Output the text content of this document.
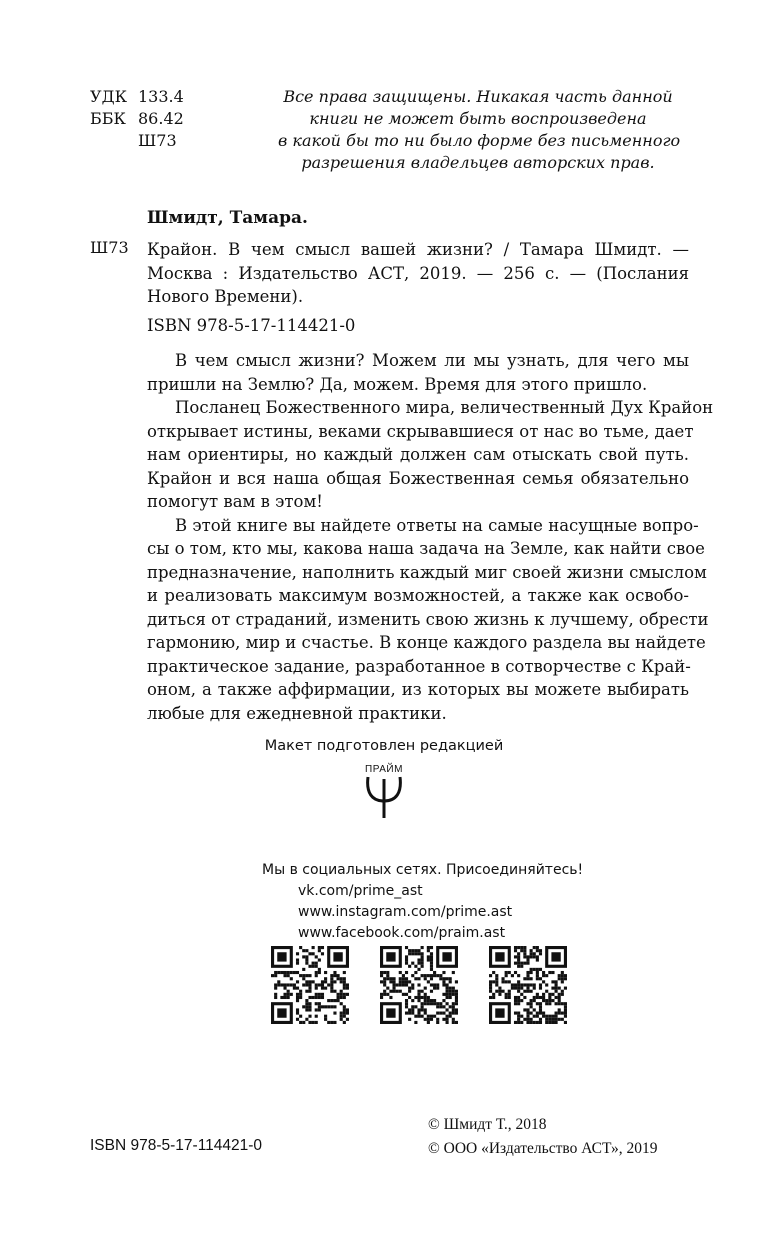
УДК 133.4
ББК 86.42
Ш73
Все права защищены. Никакая часть данной
книги не может быть воспроизведена
в какой бы то ни было форме без письменного
разрешения владельцев авторских прав.
Шмидт, Тамара.
Ш73 Крайон. В чем смысл вашей жизни? / Тамара Шмидт. —
Москва : Издательство АСТ, 2019. — 256 с. — (Послания
Нового Времени).
ISBN 978-5-17-114421-0
В чем смысл жизни? Можем ли мы узнать, для чего мы
пришли на Землю? Да, можем. Время для этого пришло.
Посланец Божественного мира, величественный Дух Крайон
открывает истины, веками скрывавшиеся от нас во тьме, дает
нам ориентиры, но каждый должен сам отыскать свой путь.
Крайон и вся наша общая Божественная семья обязательно
помогут вам в этом!
В этой книге вы найдете ответы на самые насущные вопро-
сы о том, кто мы, какова наша задача на Земле, как найти свое
предназначение, наполнить каждый миг своей жизни смыслом
и реализовать максимум возможностей, а также как освобо-
диться от страданий, изменить свою жизнь к лучшему, обрести
гармонию, мир и счастье. В конце каждого раздела вы найдете
практическое задание, разработанное в сотворчестве с Край-
оном, а также аффирмации, из которых вы можете выбирать
любые для ежедневной практики.
Макет подготовлен редакцией
ПРАЙМ
Мы в социальных сетях. Присоединяйтесь!
vk.com/prime_ast
www.instagram.com/prime.ast
www.facebook.com/praim.ast
© Шмидт Т., 2018
© ООО «Издательство АСТ», 2019
ISBN 978-5-17-114421-0
